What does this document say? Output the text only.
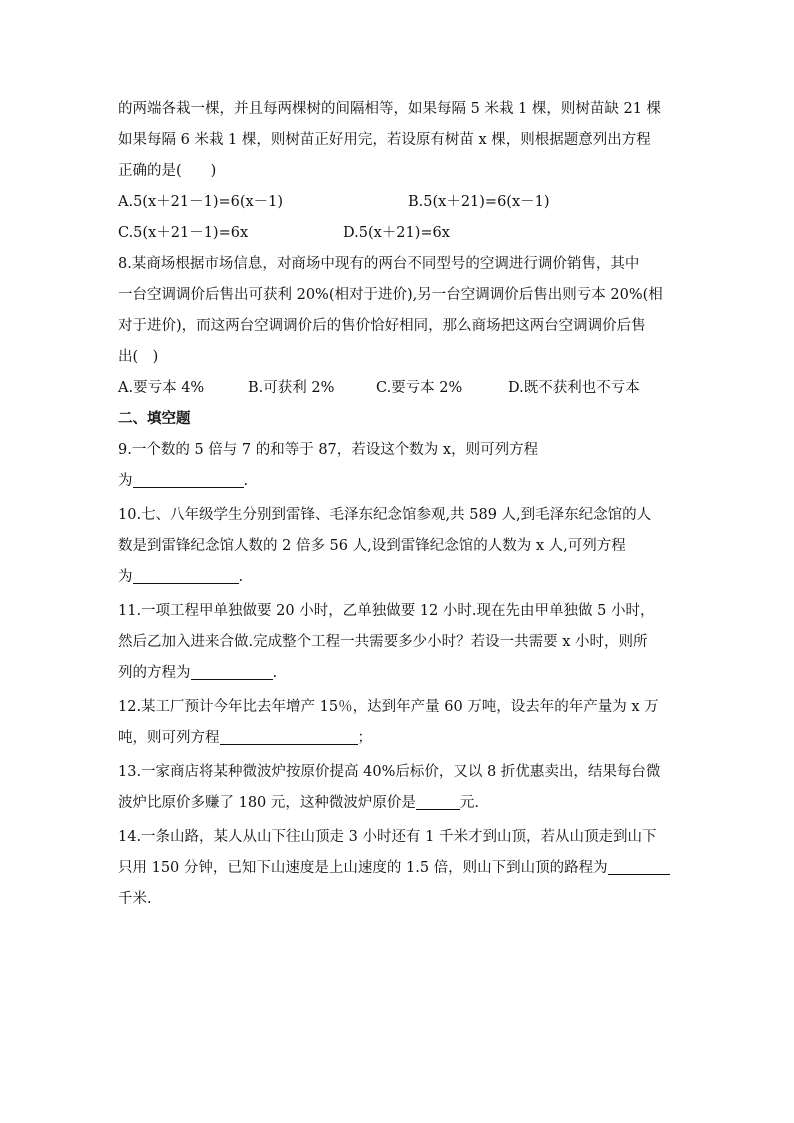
的两端各栽一棵，并且每两棵树的间隔相等，如果每隔 5 米栽 1 棵，则树苗缺 21 棵
如果每隔 6 米栽 1 棵，则树苗正好用完，若设原有树苗 x 棵，则根据题意列出方程
正确的是(　　)
A.5(x＋21－1)=6(x－1)	B.5(x＋21)=6(x－1)
C.5(x＋21－1)=6x	D.5(x＋21)=6x
8.某商场根据市场信息，对商场中现有的两台不同型号的空调进行调价销售，其中
一台空调调价后售出可获利 20%(相对于进价),另一台空调调价后售出则亏本 20%(相
对于进价)，而这两台空调调价后的售价恰好相同，那么商场把这两台空调调价后售
出(　)
A.要亏本 4%	B.可获利 2%	C.要亏本 2%	D.既不获利也不亏本
二、填空题
9.一个数的 5 倍与 7 的和等于 87，若设这个数为 x，则可列方程
为	.
10.七、八年级学生分别到雷锋、毛泽东纪念馆参观,共 589 人,到毛泽东纪念馆的人
数是到雷锋纪念馆人数的 2 倍多 56 人,设到雷锋纪念馆的人数为 x 人,可列方程
为	.
11.一项工程甲单独做要 20 小时，乙单独做要 12 小时.现在先由甲单独做 5 小时，
然后乙加入进来合做.完成整个工程一共需要多少小时？若设一共需要 x 小时，则所
列的方程为	.
12.某工厂预计今年比去年增产 15％，达到年产量 60 万吨，设去年的年产量为 x 万
吨，则可列方程	；
13.一家商店将某种微波炉按原价提高 40%后标价，又以 8 折优惠卖出，结果每台微
波炉比原价多赚了 180 元，这种微波炉原价是	元.
14.一条山路，某人从山下往山顶走 3 小时还有 1 千米才到山顶，若从山顶走到山下
只用 150 分钟，已知下山速度是上山速度的 1.5 倍，则山下到山顶的路程为
千米.
